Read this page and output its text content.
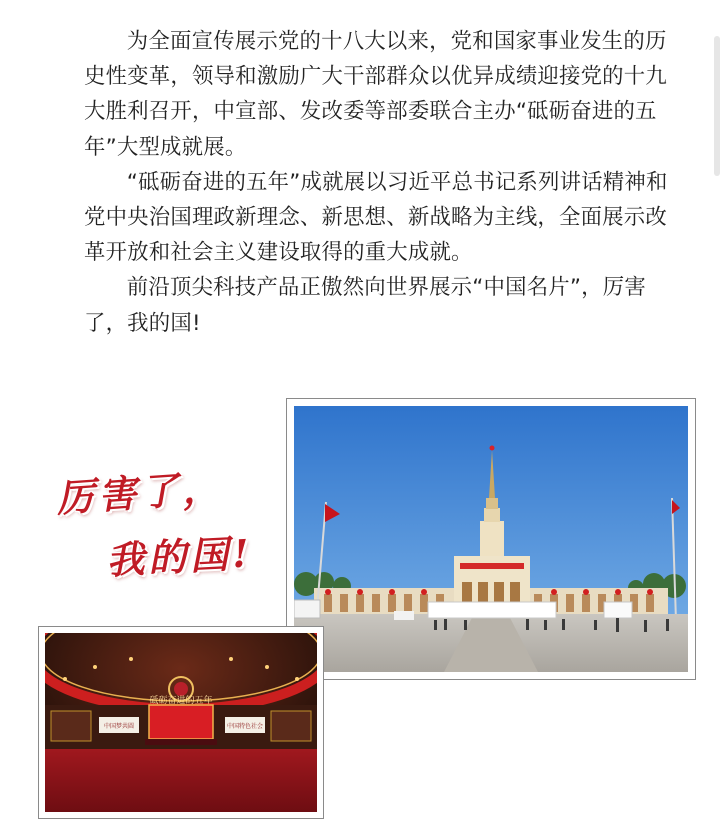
为全面宣传展示党的十八大以来，党和国家事业发生的历史性变革，领导和激励广大干部群众以优异成绩迎接党的十九大胜利召开，中宣部、发改委等部委联合主办“砥砺奋进的五年”大型成就展。

“砥砺奋进的五年”成就展以习近平总书记系列讲话精神和党中央治国理政新理念、新思想、新战略为主线，全面展示改革开放和社会主义建设取得的重大成就。

前沿顶尖科技产品正傲然向世界展示“中国名片”，厉害了，我的国!

砥砺奋进的五年
中国梦共圆	中国特色社会
厉害了，
我的国!
